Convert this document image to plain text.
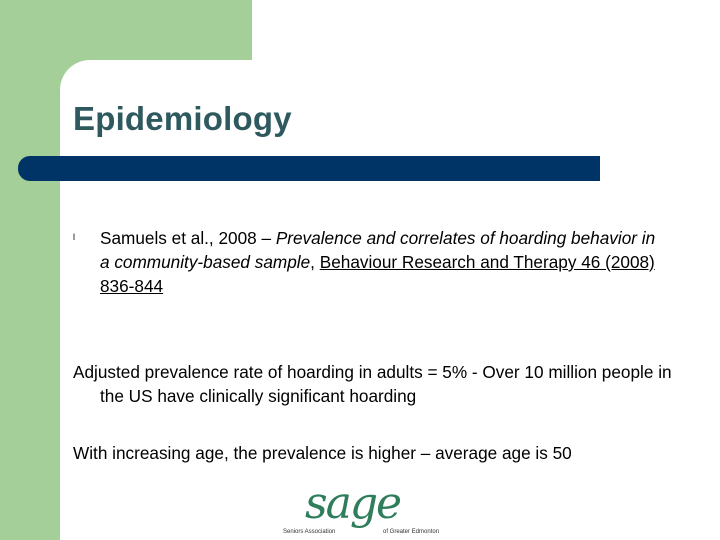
Epidemiology
l Samuels et al., 2008 – Prevalence and correlates of hoarding behavior in a community-based sample, Behaviour Research and Therapy 46 (2008) 836-844
Adjusted prevalence rate of hoarding in adults = 5% - Over 10 million people in the US have clinically significant hoarding
With increasing age, the prevalence is higher – average age is 50

sage

Seniors Association	of Greater Edmonton
